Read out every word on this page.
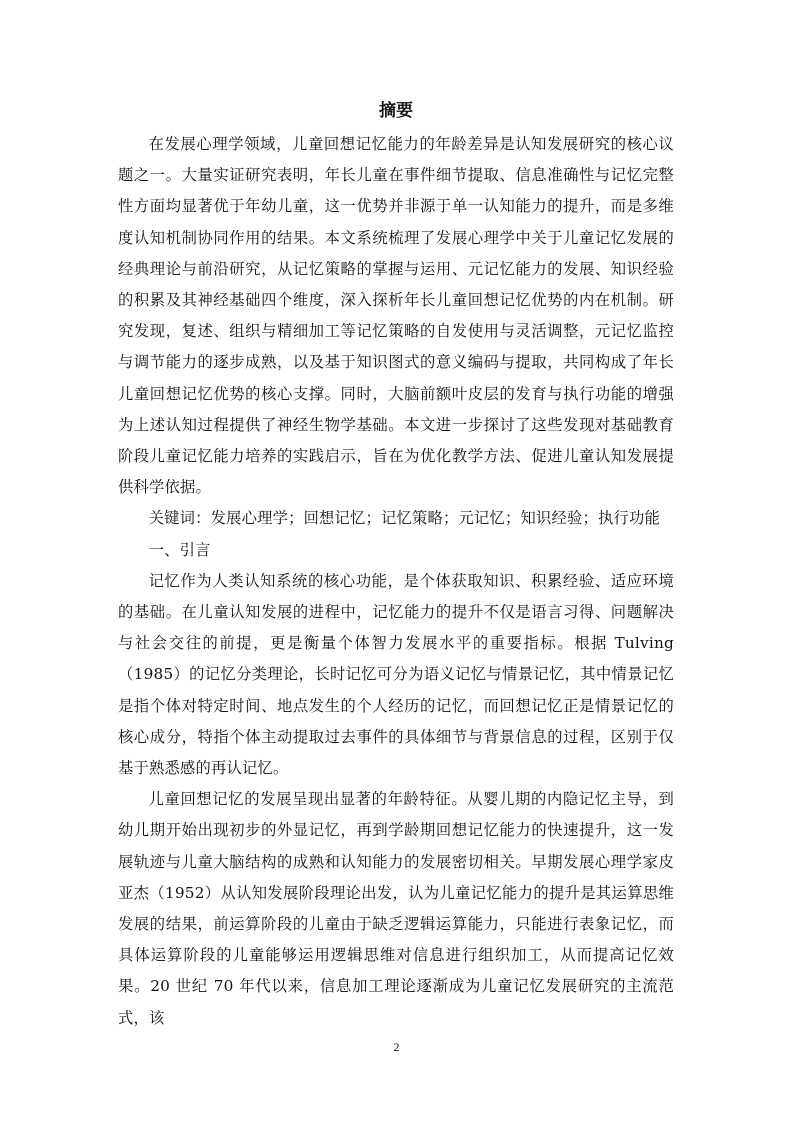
摘要

在发展心理学领域，儿童回想记忆能力的年龄差异是认知发展研究的核心议题之一。大量实证研究表明，年长儿童在事件细节提取、信息准确性与记忆完整性方面均显著优于年幼儿童，这一优势并非源于单一认知能力的提升，而是多维度认知机制协同作用的结果。本文系统梳理了发展心理学中关于儿童记忆发展的经典理论与前沿研究，从记忆策略的掌握与运用、元记忆能力的发展、知识经验的积累及其神经基础四个维度，深入探析年长儿童回想记忆优势的内在机制。研究发现，复述、组织与精细加工等记忆策略的自发使用与灵活调整，元记忆监控与调节能力的逐步成熟，以及基于知识图式的意义编码与提取，共同构成了年长儿童回想记忆优势的核心支撑。同时，大脑前额叶皮层的发育与执行功能的增强为上述认知过程提供了神经生物学基础。本文进一步探讨了这些发现对基础教育阶段儿童记忆能力培养的实践启示，旨在为优化教学方法、促进儿童认知发展提供科学依据。

关键词：发展心理学；回想记忆；记忆策略；元记忆；知识经验；执行功能

一、引言

记忆作为人类认知系统的核心功能，是个体获取知识、积累经验、适应环境的基础。在儿童认知发展的进程中，记忆能力的提升不仅是语言习得、问题解决与社会交往的前提，更是衡量个体智力发展水平的重要指标。根据 Tulving（1985）的记忆分类理论，长时记忆可分为语义记忆与情景记忆，其中情景记忆是指个体对特定时间、地点发生的个人经历的记忆，而回想记忆正是情景记忆的核心成分，特指个体主动提取过去事件的具体细节与背景信息的过程，区别于仅基于熟悉感的再认记忆。

儿童回想记忆的发展呈现出显著的年龄特征。从婴儿期的内隐记忆主导，到幼儿期开始出现初步的外显记忆，再到学龄期回想记忆能力的快速提升，这一发展轨迹与儿童大脑结构的成熟和认知能力的发展密切相关。早期发展心理学家皮亚杰（1952）从认知发展阶段理论出发，认为儿童记忆能力的提升是其运算思维发展的结果，前运算阶段的儿童由于缺乏逻辑运算能力，只能进行表象记忆，而具体运算阶段的儿童能够运用逻辑思维对信息进行组织加工，从而提高记忆效果。20 世纪 70 年代以来，信息加工理论逐渐成为儿童记忆发展研究的主流范式，该

2
